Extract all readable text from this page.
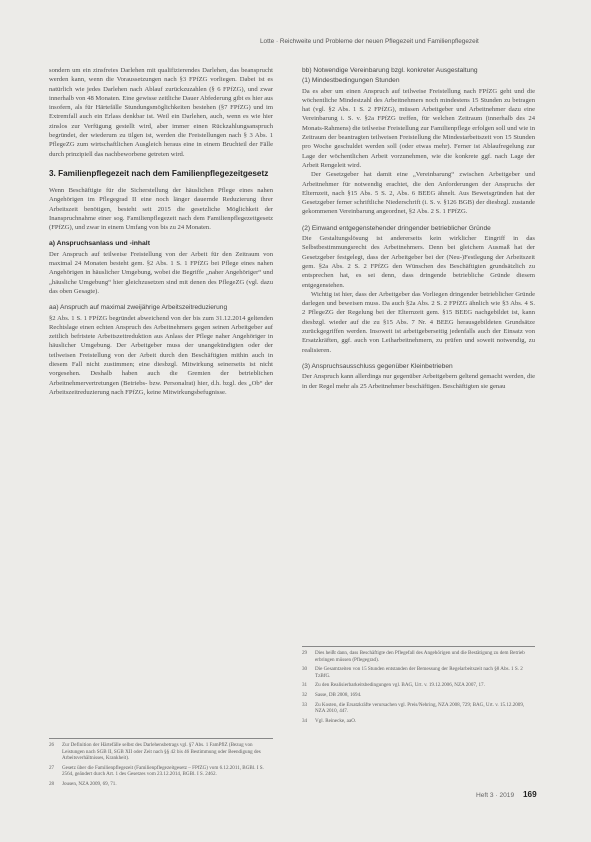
Lotte · Reichweite und Probleme der neuen Pflegezeit und Familienpflegezeit

sondern um ein zinsfreies Darlehen mit qualifizierendes Darlehen, das beansprucht werden kann, wenn die Voraussetzungen nach §3 FPfZG vorliegen. Dabei ist es natürlich wie jedes Darlehen nach Ablauf zurückzuzahlen (§ 6 FPfZG), und zwar innerhalb von 48 Monaten. Eine gewisse zeitliche Dauer Abfederung gibt es hier aus insofern, als für Härtefälle Stundungsmöglichkeiten bestehen (§7 FPfZG) und im Extremfall auch ein Erlass denkbar ist. Weil ein Darlehen, auch, wenn es wie hier zinslos zur Verfügung gestellt wird, aber immer einen Rückzahlungsanspruch begründet, der wiederum zu tilgen ist, werden die Freistellungen nach § 3 Abs. 1 PflegeZG zum wirtschaftlichen Ausgleich heraus eine in einem Bruchteil der Fälle durch prinzipiell das nachbeworbene getreten wird.

3. Familienpflegezeit nach dem Familienpflegezeitgesetz

Wenn Beschäftigte für die Sicherstellung der häuslichen Pflege eines nahen Angehörigen im Pflegegrad II eine noch länger dauernde Reduzierung ihrer Arbeitszeit benötigen, besteht seit 2015 die gesetzliche Möglichkeit der Inanspruchnahme einer sog. Familienpflegezeit nach dem Familienpflegezeitgesetz (FPfZG), und zwar in einem Umfang von bis zu 24 Monaten.

a) Anspruchsanlass und -inhalt

Der Anspruch auf teilweise Freistellung von der Arbeit für den Zeitraum von maximal 24 Monaten besteht gem. §2 Abs. 1 S. 1 FPfZG bei Pflege eines nahen Angehörigen in häuslicher Umgebung, wobei die Begriffe „naher Angehöriger“ und „häusliche Umgebung“ hier gleichzusetzen sind mit denen des PflegeZG (vgl. dazu das oben Gesagte).

aa) Anspruch auf maximal zweijährige Arbeitszeitreduzierung

§2 Abs. 1 S. 1 FPfZG begründet abweichend von der bis zum 31.12.2014 geltenden Rechtslage einen echten Anspruch des Arbeitnehmers gegen seinen Arbeitgeber auf zeitlich befristete Arbeitszeitreduktion aus Anlass der Pflege naher Angehöriger in häuslicher Umgebung. Der Arbeitgeber muss der unangekündigten oder der teilweisen Freistellung von der Arbeit durch den Beschäftigten mithin auch in diesem Fall nicht zustimmen; eine diesbzgl. Mitwirkung seinerseits ist nicht vorgesehen. Deshalb haben auch die Gremien der betrieblichen Arbeitnehmervertretungen (Betriebs- bzw. Personalrat) hier, d.h. bzgl. des „Ob“ der Arbeitszeitreduzierung nach FPfZG, keine Mitwirkungsbefugnisse.

bb) Notwendige Vereinbarung bzgl. konkreter Ausgestaltung
(1) Mindestbedingungen Stunden

Da es aber um einen Anspruch auf teilweise Freistellung nach FPfZG geht und die wöchentliche Mindestzahl des Arbeitnehmers noch mindestens 15 Stunden zu betragen hat (vgl. §2 Abs. 1 S. 2 FPfZG), müssen Arbeitgeber und Arbeitnehmer dazu eine Vereinbarung i. S. v. §2a FPfZG treffen, für welchen Zeitraum (innerhalb des 24 Monats-Rahmens) die teilweise Freistellung zur Familienpflege erfolgen soll und wie in Zeitraum der beantragten teilweisen Freistellung die Mindestarbeitszeit von 15 Stunden pro Woche geschuldet werden soll (oder etwas mehr). Ferner ist Ablaufregelung zur Lage der wöchentlichen Arbeit vorzunehmen, wie die konkrete ggf. nach Lage der Arbeit Rengeleit wird.

Der Gesetzgeber hat damit eine „Vereinbarung“ zwischen Arbeitgeber und Arbeitnehmer für notwendig erachtet, die den Anforderungen der Anspruchs der Elternzeit, nach §15 Abs. 5 S. 2, Abs. 6 BEEG ähnelt. Aus Beweisgründen hat der Gesetzgeber ferner schriftliche Niederschrift (i. S. v. §126 BGB) der diesbzgl. zustande gekommenen Vereinbarung angeordnet, §2 Abs. 2 S. 1 FPfZG.

(2) Einwand entgegenstehender dringender betrieblicher Gründe

Die Gestaltungslösung ist andererseits kein wirklicher Eingriff in das Selbstbestimmungsrecht des Arbeitnehmers. Denn bei gleichem Ausmaß hat der Gesetzgeber festgelegt, dass der Arbeitgeber bei der (Neu-)Festlegung der Arbeitszeit gem. §2a Abs. 2 S. 2 FPfZG den Wünschen des Beschäftigten grundsätzlich zu entsprechen hat, es sei denn, dass dringende betriebliche Gründe diesem entgegenstehen.

Wichtig ist hier, dass der Arbeitgeber das Vorliegen dringender betrieblicher Gründe darlegen und beweisen muss. Da auch §2a Abs. 2 S. 2 FPfZG ähnlich wie §3 Abs. 4 S. 2 PflegeZG der Regelung bei der Elternzeit gem. §15 BEEG nachgebildet ist, kann diesbzgl. wieder auf die zu §15 Abs. 7 Nr. 4 BEEG herausgebildeten Grundsätze zurückgegriffen werden. Insoweit ist arbeitgeberseitig jedenfalls auch der Einsatz von Ersatzkräften, ggf. auch von Leiharbeitnehmern, zu prüfen und soweit notwendig, zu realisieren.

(3) Anspruchsausschluss gegenüber Kleinbetrieben

Der Anspruch kann allerdings nur gegenüber Arbeitgebern geltend gemacht werden, die in der Regel mehr als 25 Arbeitnehmer beschäftigen. Beschäftigten sie genau

29	Dies heißt dann, dass Beschäftigte den Pflegefall des Angehörigen und die Bestätigung zu dem Betrieb erbringen müssen (Pflegegrad).
30	Die Gesamtzeiten von 15 Stunden entstanden der Bemessung der Regelarbeitszeit nach §8 Abs. 1 S. 2 TzBfG.
31	Zu den Realisierbarkeitsbedingungen vgl. BAG, Urt. v. 19.12.2006, NZA 2007, 17.
32	Sasse, DB 2008, 1694.
33	Zu Kosten, die Ersatzkräfte verursachen vgl. Preis/Nehring, NZA 2008, 729; BAG, Urt. v. 15.12.2009, NZA 2010, 447.
34	Vgl. Reinecke, aaO.
26	Zur Definition der Härtefälle selbst des Darlehensbetrags vgl. §7 Abs. 1 FamPflZ (Bezug von Leistungen nach SGB II, SGB XII oder Zeit nach §§ 42 bis 46 Bestimmung oder Beendigung des Arbeitsverhältnisses, Krankheit).
27	Gesetz über die Familienpflegezeit (Familienpflegezeitgesetz – FPfZG) vom 6.12.2011, BGBl. I S. 2564, geändert durch Art. 1 des Gesetzes vom 23.12.2014, BGBl. I S. 2462.
28	Jousen, NZA 2009, 69, 71.
Heft 3 · 2019 169
